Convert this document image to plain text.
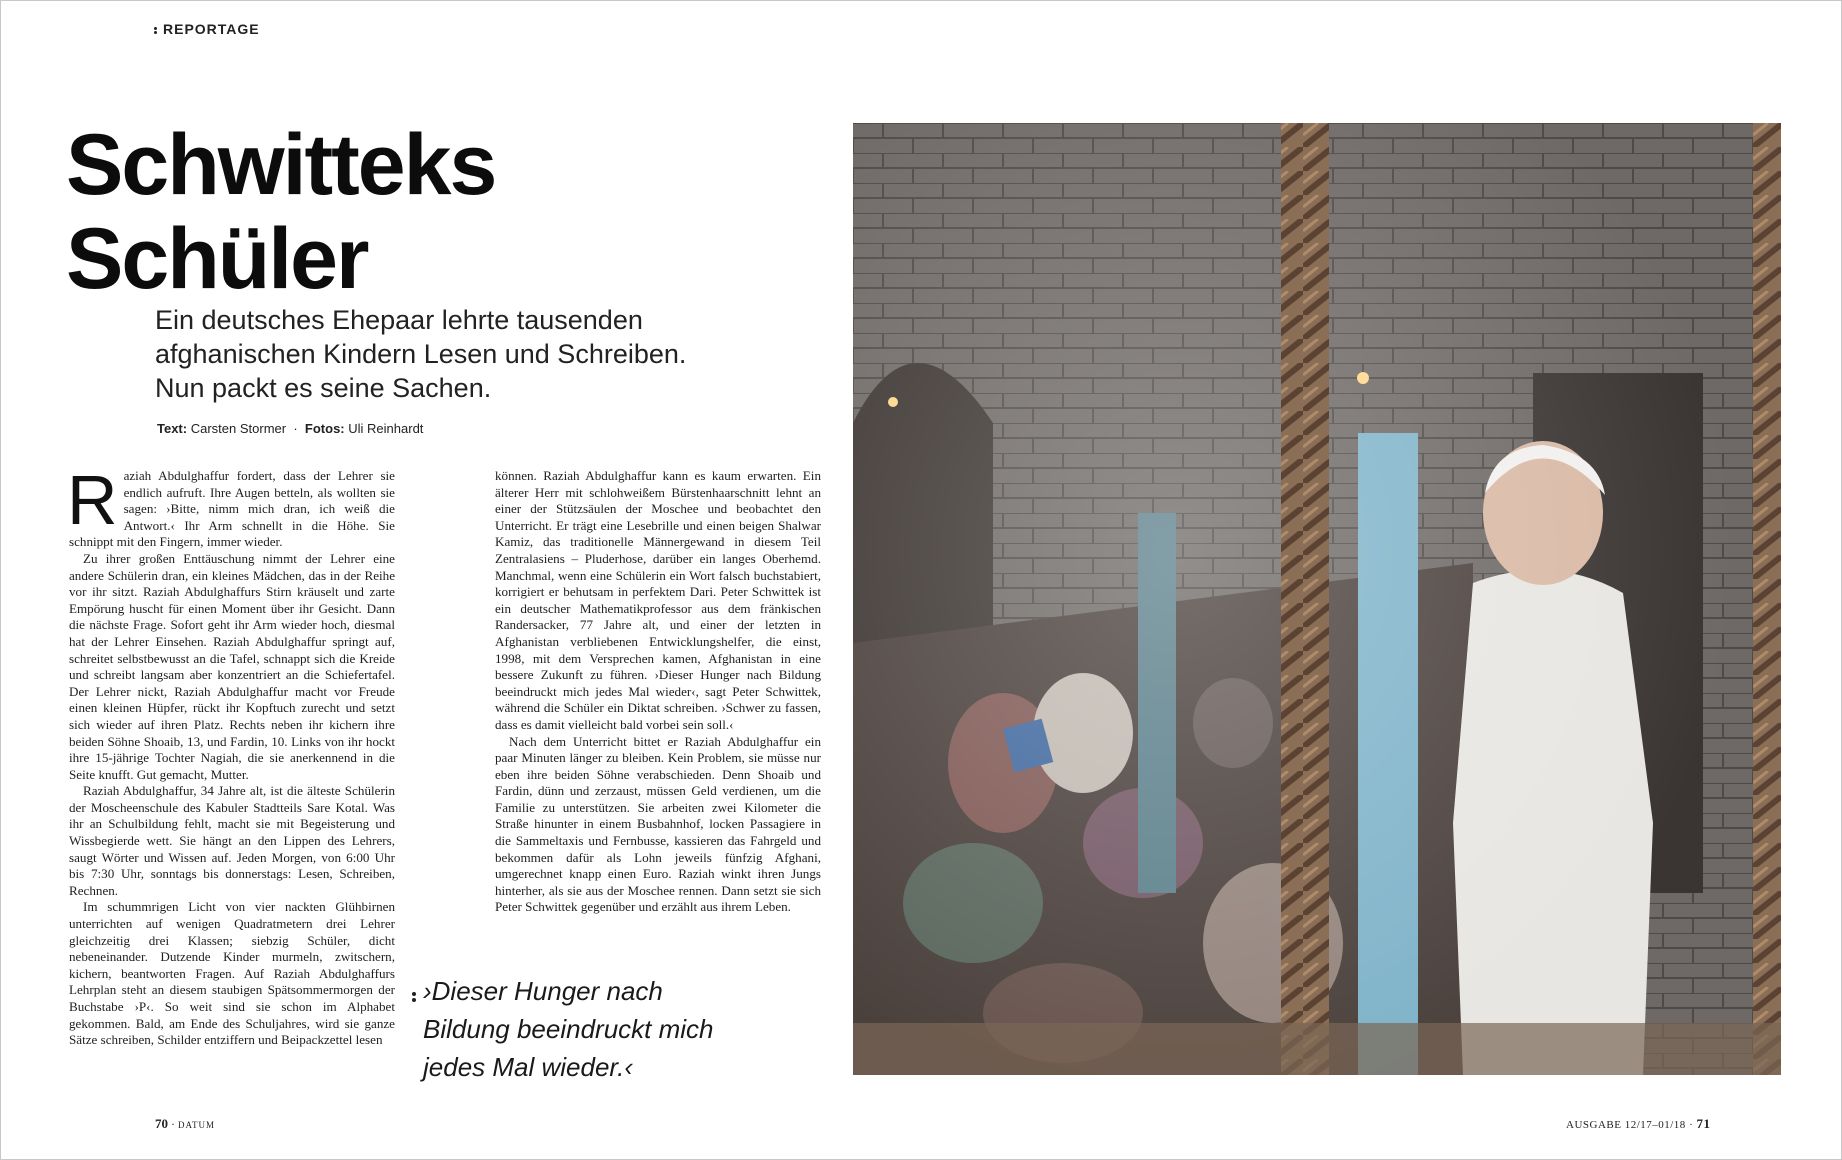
REPORTAGE
Schwitteks
Schüler

Ein deutsches Ehepaar lehrte tausenden afghanischen Kindern Lesen und Schreiben. Nun packt es seine Sachen.

Text: Carsten Stormer · Fotos: Uli Reinhardt

Raziah Abdulghaffur fordert, dass der Lehrer sie endlich aufruft. Ihre Augen betteln, als wollten sie sagen: ›Bitte, nimm mich dran, ich weiß die Antwort.‹ Ihr Arm schnellt in die Höhe. Sie schnippt mit den Fingern, immer wieder.

Zu ihrer großen Enttäuschung nimmt der Lehrer eine andere Schülerin dran, ein kleines Mädchen, das in der Reihe vor ihr sitzt. Raziah Abdulghaffurs Stirn kräuselt und zarte Empörung huscht für einen Moment über ihr Gesicht. Dann die nächste Frage. Sofort geht ihr Arm wieder hoch, diesmal hat der Lehrer Einsehen. Raziah Abdulghaffur springt auf, schreitet selbstbewusst an die Tafel, schnappt sich die Kreide und schreibt langsam aber konzentriert an die Schiefertafel. Der Lehrer nickt, Raziah Abdulghaffur macht vor Freude einen kleinen Hüpfer, rückt ihr Kopftuch zurecht und setzt sich wieder auf ihren Platz. Rechts neben ihr kichern ihre beiden Söhne Shoaib, 13, und Fardin, 10. Links von ihr hockt ihre 15-jährige Tochter Nagiah, die sie anerkennend in die Seite knufft. Gut gemacht, Mutter.

Raziah Abdulghaffur, 34 Jahre alt, ist die älteste Schülerin der Moscheenschule des Kabuler Stadtteils Sare Kotal. Was ihr an Schulbildung fehlt, macht sie mit Begeisterung und Wissbegierde wett. Sie hängt an den Lippen des Lehrers, saugt Wörter und Wissen auf. Jeden Morgen, von 6:00 Uhr bis 7:30 Uhr, sonntags bis donnerstags: Lesen, Schreiben, Rechnen.

Im schummrigen Licht von vier nackten Glühbirnen unterrichten auf wenigen Quadratmetern drei Lehrer gleichzeitig drei Klassen; siebzig Schüler, dicht nebeneinander. Dutzende Kinder murmeln, zwitschern, kichern, beantworten Fragen. Auf Raziah Abdulghaffurs Lehrplan steht an diesem staubigen Spätsommermorgen der Buchstabe ›P‹. So weit sind sie schon im Alphabet gekommen. Bald, am Ende des Schuljahres, wird sie ganze Sätze schreiben, Schilder entziffern und Beipackzettel lesen

können. Raziah Abdulghaffur kann es kaum erwarten. Ein älterer Herr mit schlohweißem Bürstenhaarschnitt lehnt an einer der Stützsäulen der Moschee und beobachtet den Unterricht. Er trägt eine Lesebrille und einen beigen Shalwar Kamiz, das traditionelle Männergewand in diesem Teil Zentralasiens – Pluderhose, darüber ein langes Oberhemd. Manchmal, wenn eine Schülerin ein Wort falsch buchstabiert, korrigiert er behutsam in perfektem Dari. Peter Schwittek ist ein deutscher Mathematikprofessor aus dem fränkischen Randersacker, 77 Jahre alt, und einer der letzten in Afghanistan verbliebenen Entwicklungshelfer, die einst, 1998, mit dem Versprechen kamen, Afghanistan in eine bessere Zukunft zu führen. ›Dieser Hunger nach Bildung beeindruckt mich jedes Mal wieder‹, sagt Peter Schwittek, während die Schüler ein Diktat schreiben. ›Schwer zu fassen, dass es damit vielleicht bald vorbei sein soll.‹

Nach dem Unterricht bittet er Raziah Abdulghaffur ein paar Minuten länger zu bleiben. Kein Problem, sie müsse nur eben ihre beiden Söhne verabschieden. Denn Shoaib und Fardin, dünn und zerzaust, müssen Geld verdienen, um die Familie zu unterstützen. Sie arbeiten zwei Kilometer die Straße hinunter in einem Busbahnhof, locken Passagiere in die Sammeltaxis und Fernbusse, kassieren das Fahrgeld und bekommen dafür als Lohn jeweils fünfzig Afghani, umgerechnet knapp einen Euro. Raziah winkt ihren Jungs hinterher, als sie aus der Moschee rennen. Dann setzt sie sich Peter Schwittek gegenüber und erzählt aus ihrem Leben.

›Dieser Hunger nach
Bildung beeindruckt mich
jedes Mal wieder.‹
70 · DATUM	AUSGABE 12/17–01/18 · 71
